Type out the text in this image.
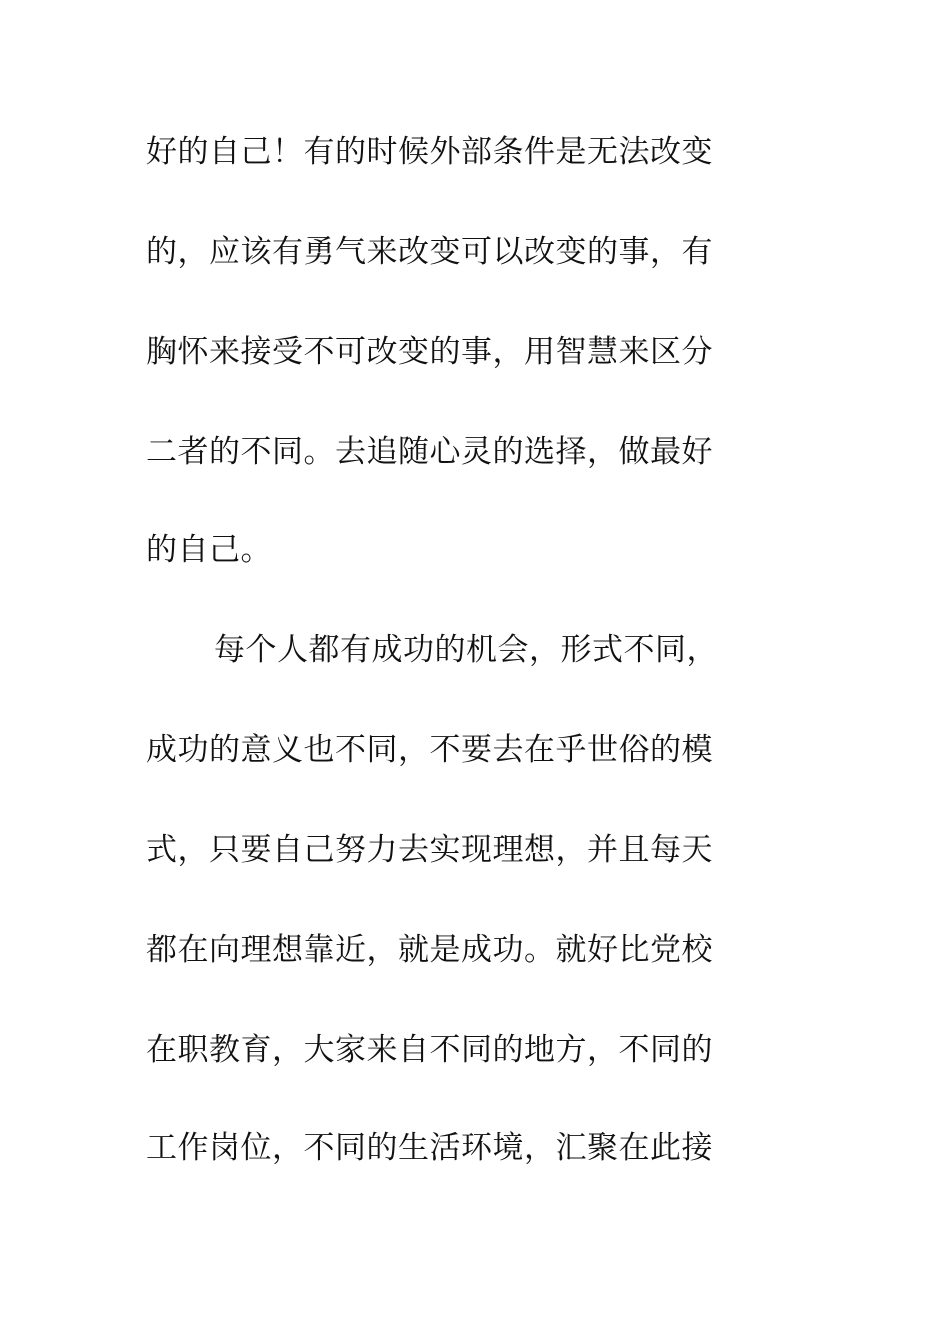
好的自己！有的时候外部条件是无法改变
的，应该有勇气来改变可以改变的事，有
胸怀来接受不可改变的事，用智慧来区分
二者的不同。去追随心灵的选择，做最好
的自己。
每个人都有成功的机会，形式不同，
成功的意义也不同，不要去在乎世俗的模
式，只要自己努力去实现理想，并且每天
都在向理想靠近，就是成功。就好比党校
在职教育，大家来自不同的地方，不同的
工作岗位，不同的生活环境，汇聚在此接
